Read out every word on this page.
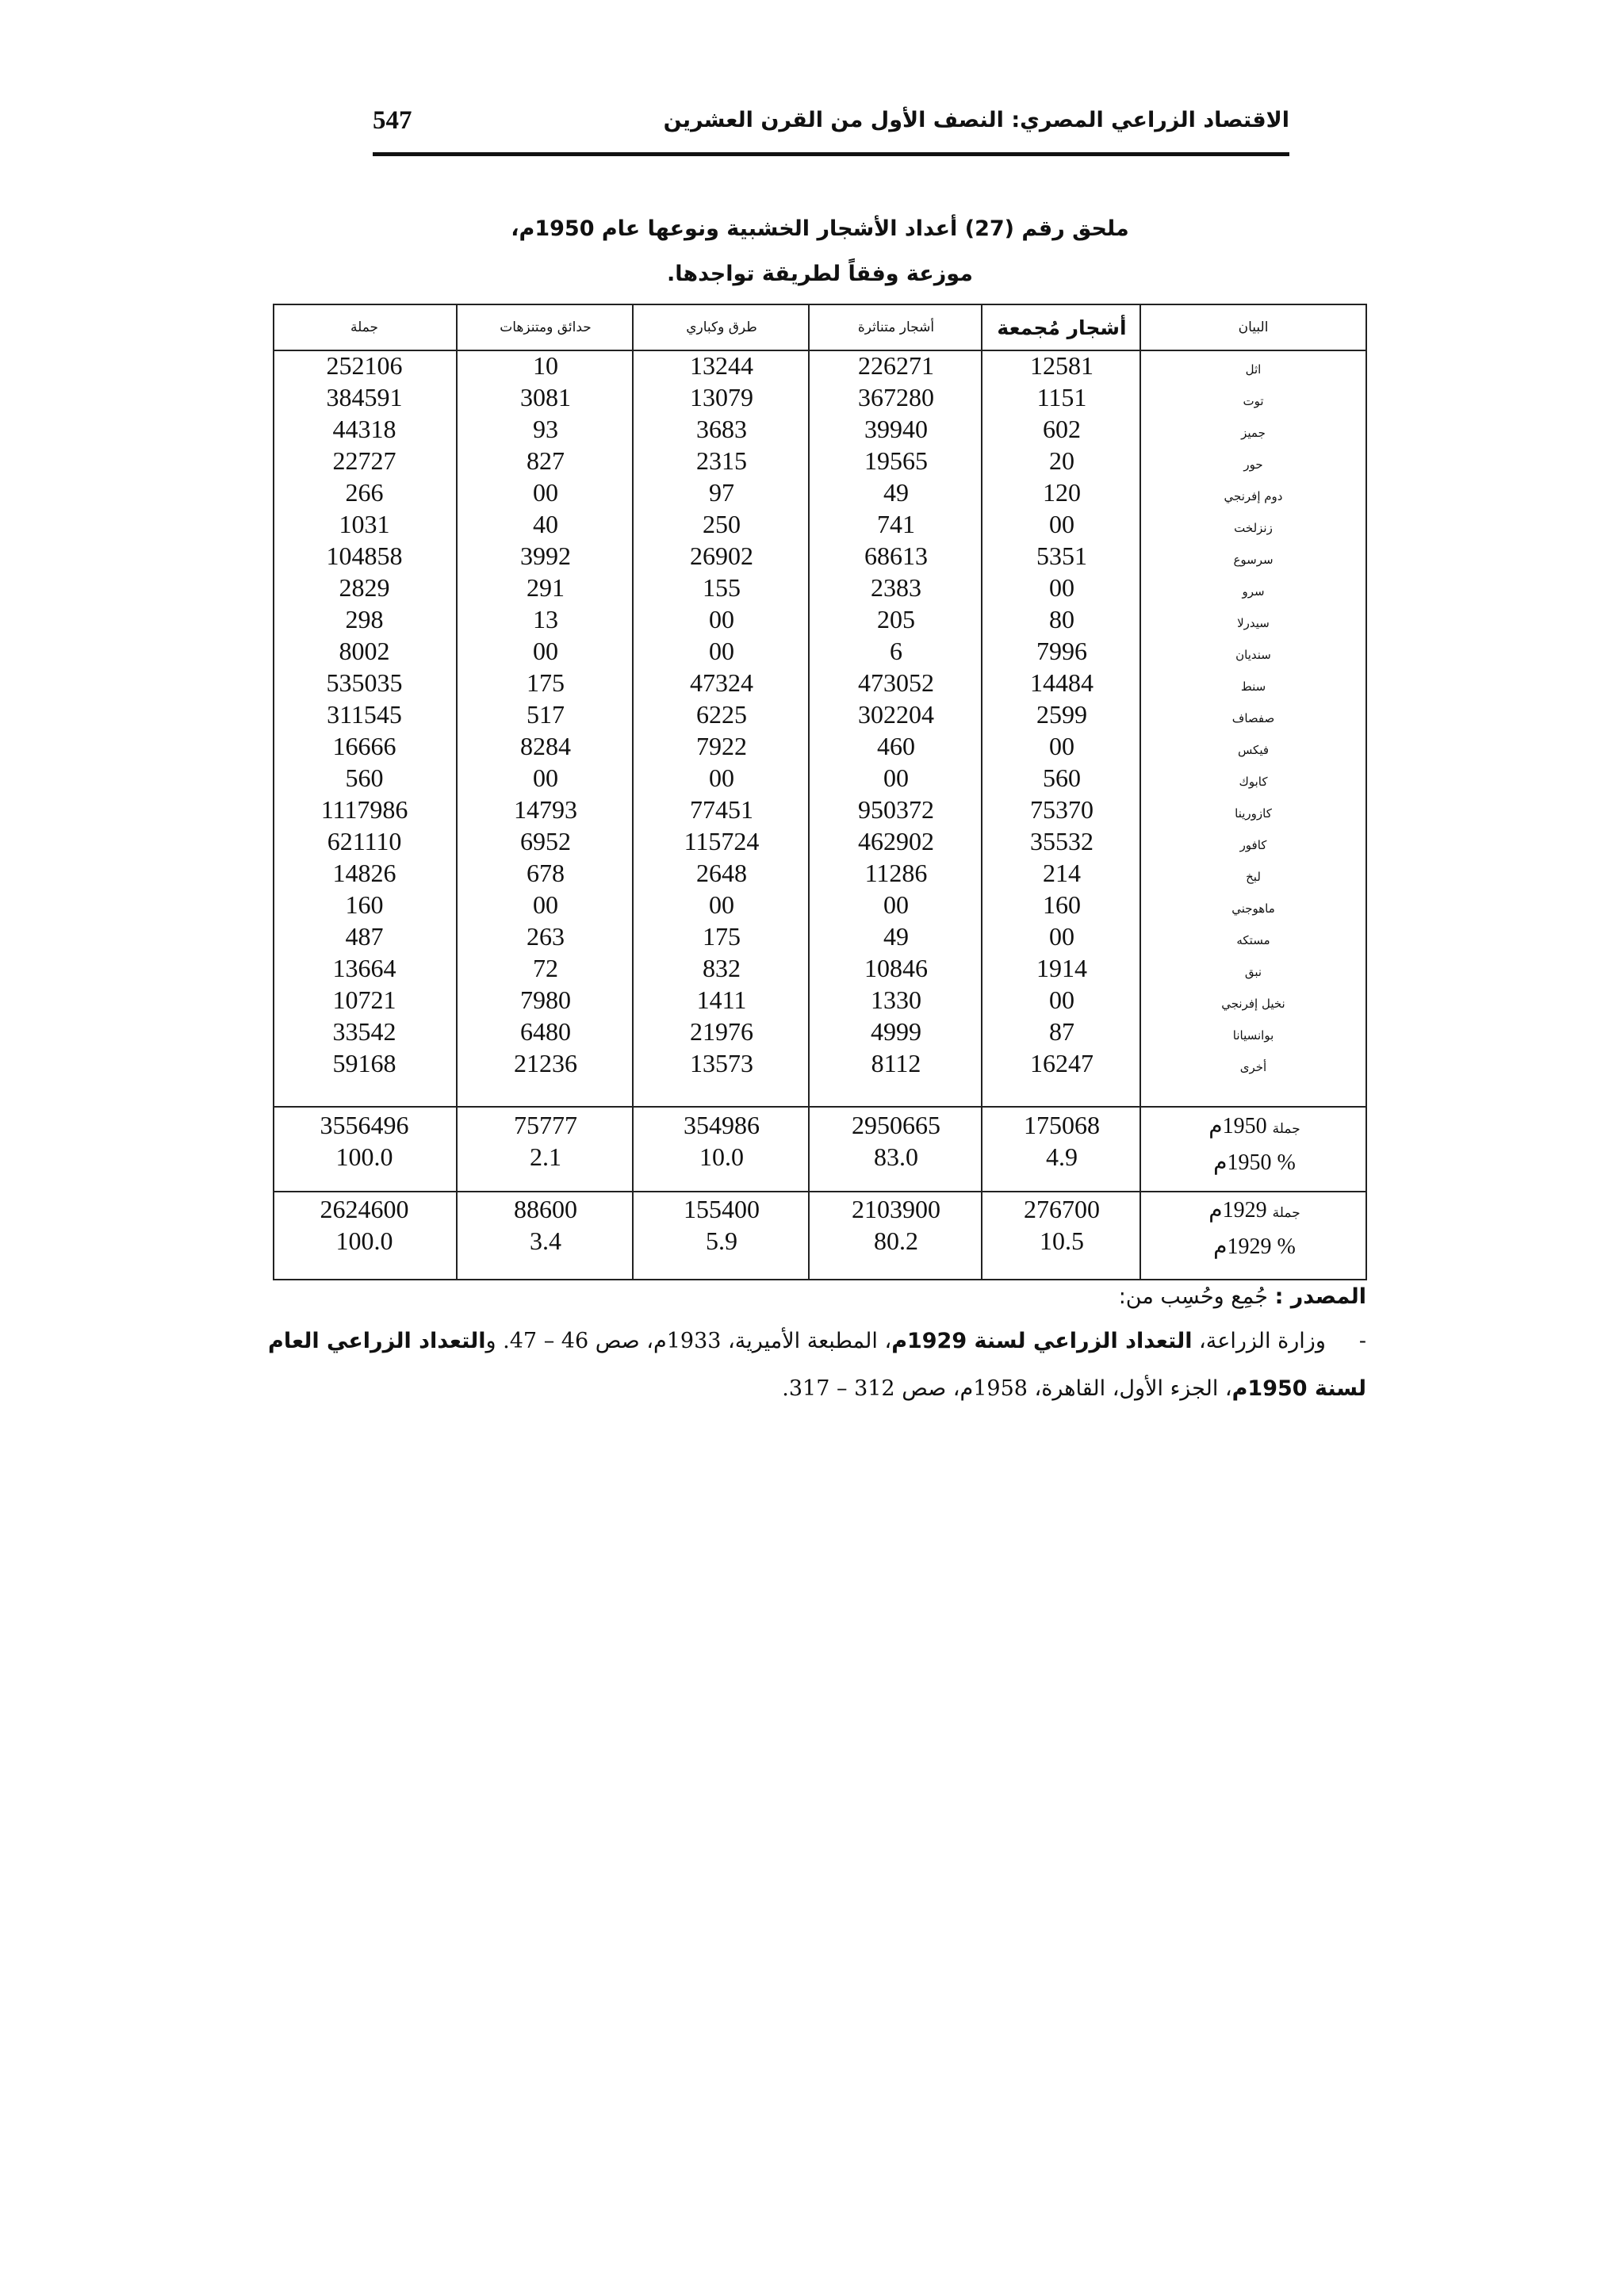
الاقتصاد الزراعي المصري: النصف الأول من القرن العشرين
547
ملحق رقم (27) أعداد الأشجار الخشبية ونوعها عام 1950م،
موزعة وفقاً لطريقة تواجدها.
البيان
أشجار مُجمعة
أشجار متناثرة
طرق وكباري
حدائق ومتنزهات
جملة
اثل
توت
جميز
حور
دوم إفرنجي
زنزلخت
سرسوع
سرو
سيدرلا
سنديان
سنط
صفصاف
فيكس
كابوك
كازورينا
كافور
لبخ
ماهوجني
مستكه
نبق
نخيل إفرنجي
بوانسيانا
أخرى
12581
1151
602
20
120
00
5351
00
80
7996
14484
2599
00
560
75370
35532
214
160
00
1914
00
87
16247
226271
367280
39940
19565
49
741
68613
2383
205
6
473052
302204
460
00
950372
462902
11286
00
49
10846
1330
4999
8112
13244
13079
3683
2315
97
250
26902
155
00
00
47324
6225
7922
00
77451
115724
2648
00
175
832
1411
21976
13573
10
3081
93
827
00
40
3992
291
13
00
175
517
8284
00
14793
6952
678
00
263
72
7980
6480
21236
252106
384591
44318
22727
266
1031
104858
2829
298
8002
535035
311545
16666
560
1117986
621110
14826
160
487
13664
10721
33542
59168
جملة 1950م
% 1950م
175068
2950665
354986
75777
3556496
4.9
83.0
10.0
2.1
100.0
جملة 1929م
% 1929م
276700
2103900
155400
88600
2624600
10.5
80.2
5.9
3.4
100.0
المصدر : جُمِع وحُسِب من:
-وزارة الزراعة، التعداد الزراعي لسنة 1929م، المطبعة الأميرية، 1933م، صص 46 – 47. والتعداد الزراعي العام
لسنة 1950م، الجزء الأول، القاهرة، 1958م، صص 312 – 317.
